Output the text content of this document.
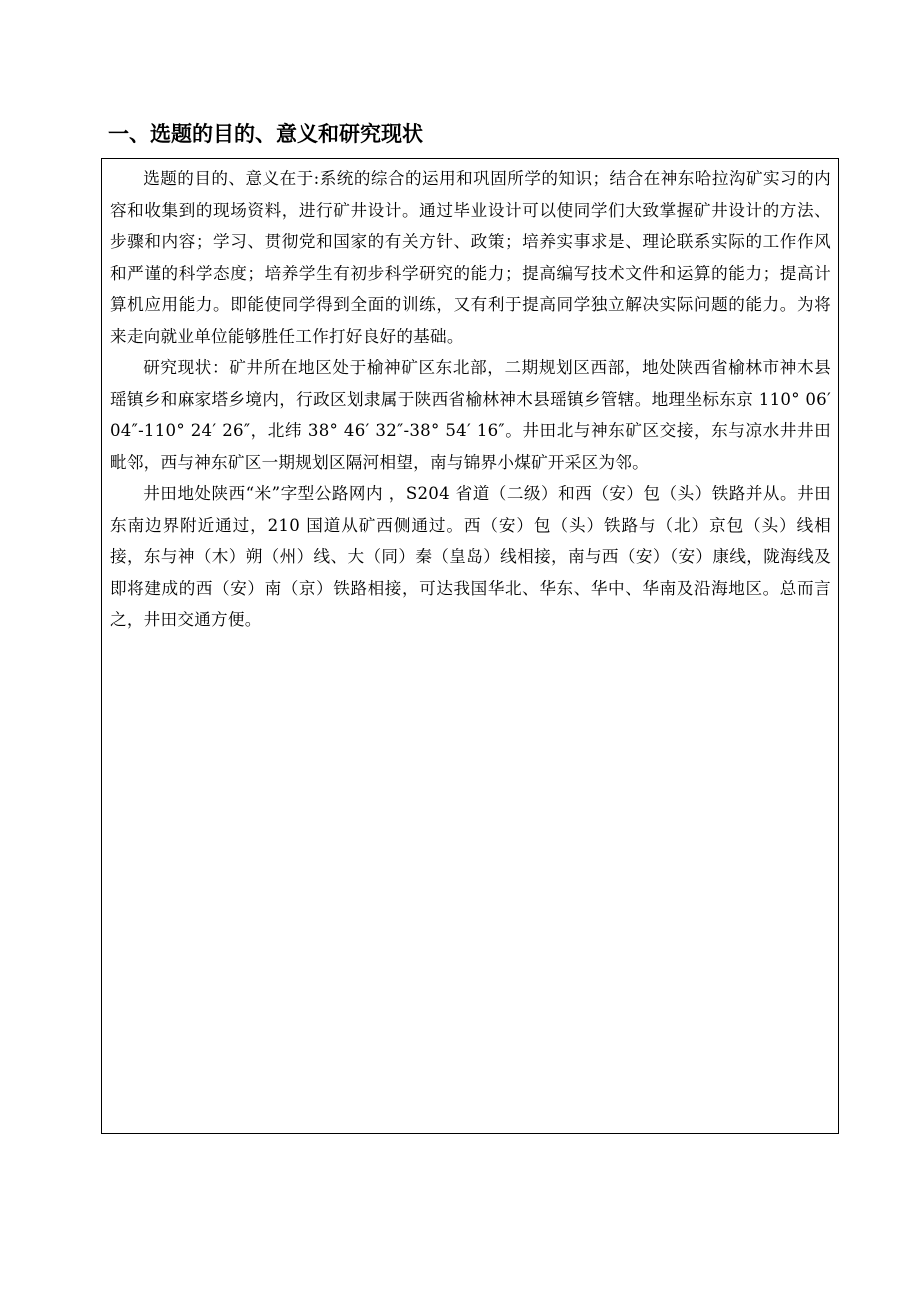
一、选题的目的、意义和研究现状

选题的目的、意义在于:系统的综合的运用和巩固所学的知识；结合在神东哈拉沟矿实习的内容和收集到的现场资料，进行矿井设计。通过毕业设计可以使同学们大致掌握矿井设计的方法、步骤和内容；学习、贯彻党和国家的有关方针、政策；培养实事求是、理论联系实际的工作作风和严谨的科学态度；培养学生有初步科学研究的能力；提高编写技术文件和运算的能力；提高计算机应用能力。即能使同学得到全面的训练，又有利于提高同学独立解决实际问题的能力。为将来走向就业单位能够胜任工作打好良好的基础。

研究现状：矿井所在地区处于榆神矿区东北部，二期规划区西部，地处陕西省榆林市神木县瑶镇乡和麻家塔乡境内，行政区划隶属于陕西省榆林神木县瑶镇乡管辖。地理坐标东京 110° 06′ 04″-110° 24′ 26″，北纬 38° 46′ 32″-38° 54′ 16″。井田北与神东矿区交接，东与凉水井井田毗邻，西与神东矿区一期规划区隔河相望，南与锦界小煤矿开采区为邻。

井田地处陕西“米”字型公路网内 ，S204 省道（二级）和西（安）包（头）铁路并从。井田东南边界附近通过，210 国道从矿西侧通过。西（安）包（头）铁路与（北）京包（头）线相接，东与神（木）朔（州）线、大（同）秦（皇岛）线相接，南与西（安）（安）康线，陇海线及即将建成的西（安）南（京）铁路相接，可达我国华北、华东、华中、华南及沿海地区。总而言之，井田交通方便。
